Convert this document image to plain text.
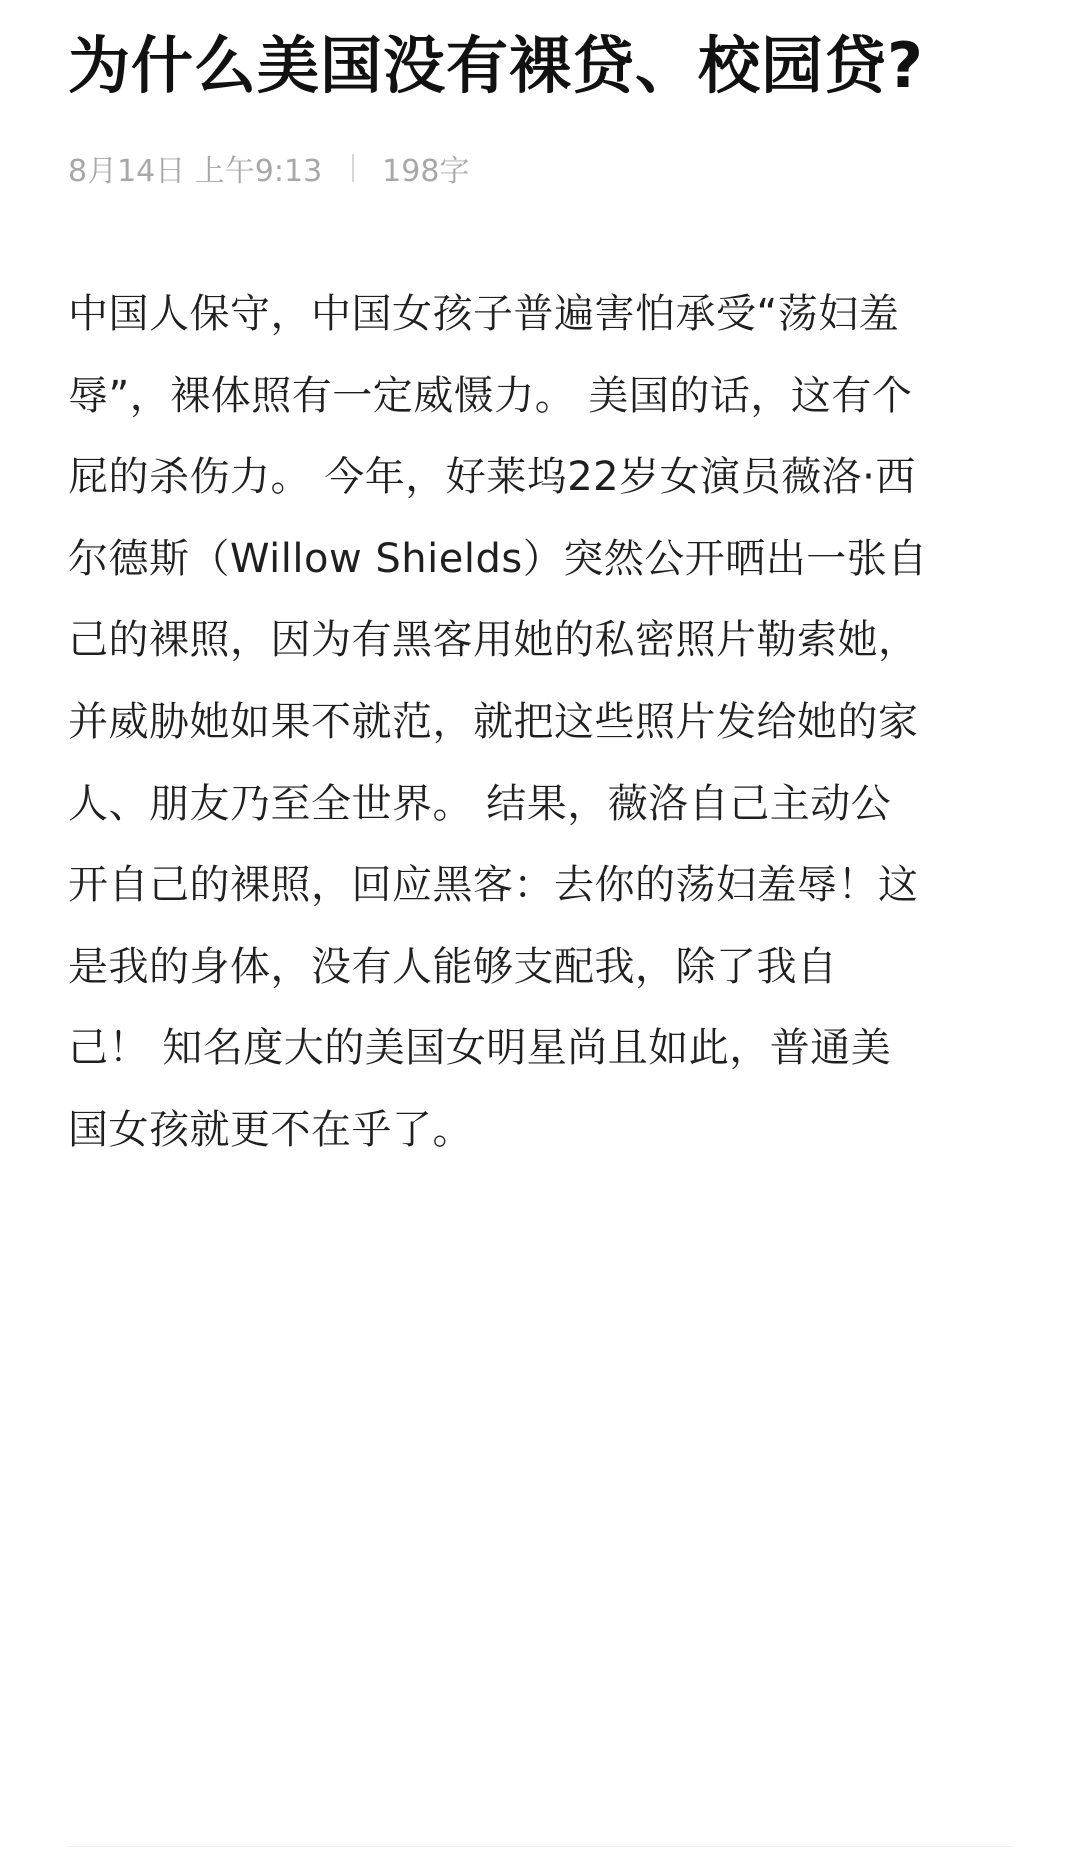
为什么美国没有裸贷、校园贷?
8月14日 上午9:13 198字
中国人保守，中国女孩子普遍害怕承受“荡妇羞
辱”，裸体照有一定威慑力。 美国的话，这有个
屁的杀伤力。 今年，好莱坞22岁女演员薇洛·西
尔德斯（Willow Shields）突然公开晒出一张自
己的裸照，因为有黑客用她的私密照片勒索她，
并威胁她如果不就范，就把这些照片发给她的家
人、朋友乃至全世界。 结果，薇洛自己主动公
开自己的裸照，回应黑客：去你的荡妇羞辱！这
是我的身体，没有人能够支配我，除了我自
己！ 知名度大的美国女明星尚且如此，普通美
国女孩就更不在乎了。
